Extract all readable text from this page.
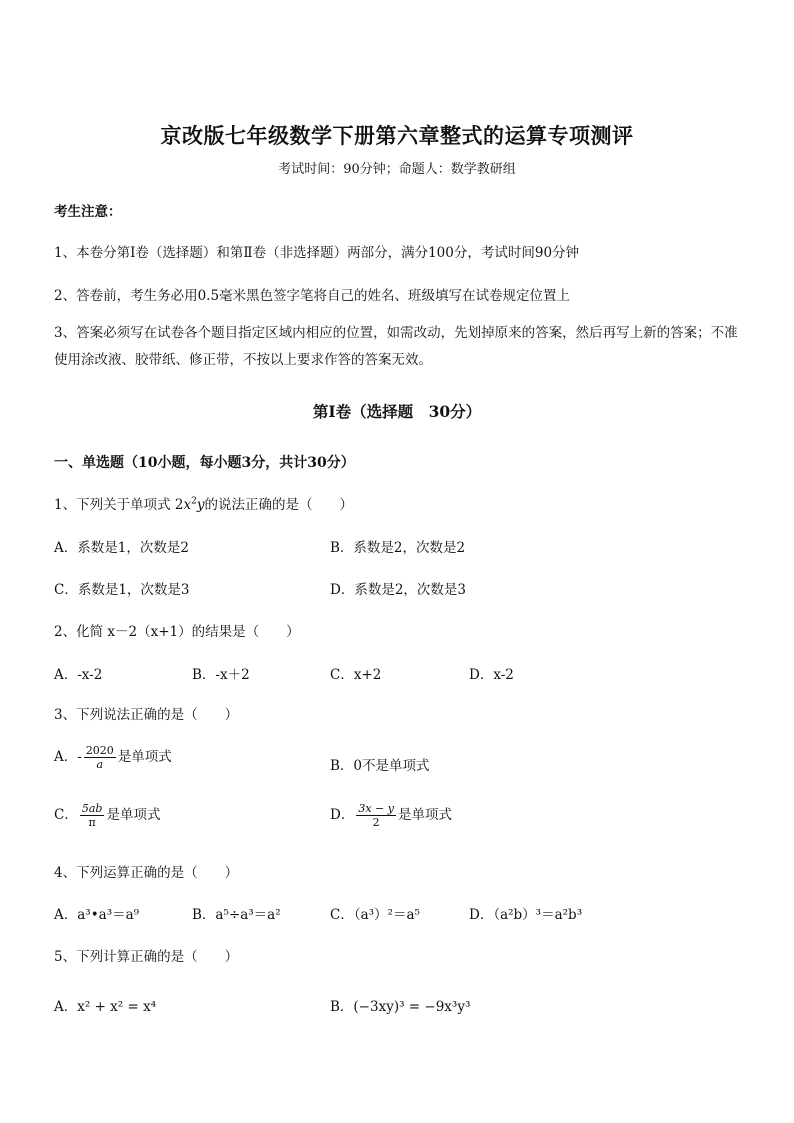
京改版七年级数学下册第六章整式的运算专项测评
考试时间：90分钟；命题人：数学教研组
考生注意：
1、本卷分第Ⅰ卷（选择题）和第Ⅱ卷（非选择题）两部分，满分100分，考试时间90分钟
2、答卷前，考生务必用0.5毫米黑色签字笔将自己的姓名、班级填写在试卷规定位置上
3、答案必须写在试卷各个题目指定区域内相应的位置，如需改动，先划掉原来的答案，然后再写上新的答案；不准使用涂改液、胶带纸、修正带，不按以上要求作答的答案无效。
第Ⅰ卷（选择题　30分）
一、单选题（10小题，每小题3分，共计30分）
1、下列关于单项式 $2x^2y$的说法正确的是（　　）
A．系数是1，次数是2	B．系数是2，次数是2
C．系数是1，次数是3	D．系数是2，次数是3
2、化简 x－2（x+1）的结果是（　　）
A．-x-2	B．-x＋2	C．x+2	D．x-2
3、下列说法正确的是（　　）
A．- $\frac{2020}{a}$ 是单项式
B．0不是单项式
C． $\frac{5ab}{\pi}$ 是单项式	D． $\frac{3x - y}{2}$ 是单项式
4、下列运算正确的是（　　）
A．a³•a³＝a⁹	B．a⁵÷a³＝a²	C．（a³）²＝a⁵	D．（a²b）³＝a²b³
5、下列计算正确的是（　　）
A．x² + x² = x⁴	B．(−3xy)³ = −9x³y³
